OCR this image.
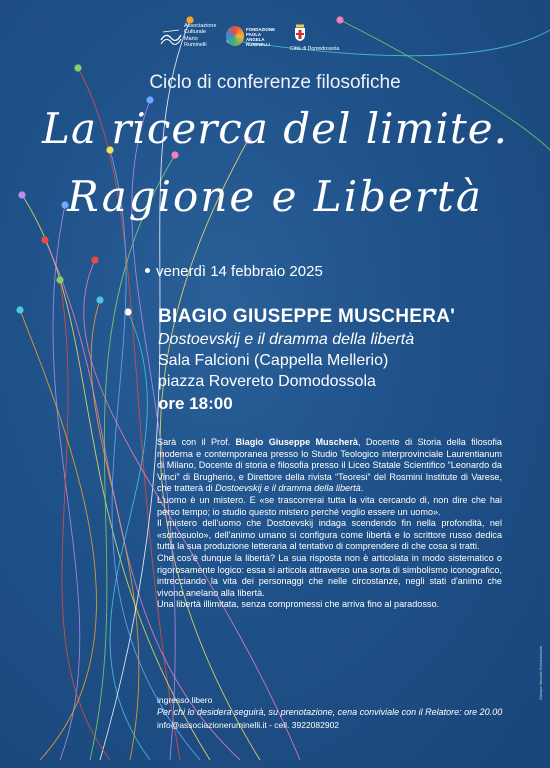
Associazione
Culturale
Mario
Ruminelli
FONDAZIONE
PAOLA
ANGELA
RUMINELLI
Città di Domodossola
Ciclo di conferenze filosofiche
La ricerca del limite.
Ragione e Libertà
venerdì 14 febbraio 2025
BIAGIO GIUSEPPE MUSCHERA'
Dostoevskij e il dramma della libertà
Sala Falcioni (Cappella Mellerio)
piazza Rovereto Domodossola
ore 18:00

Sarà con il Prof. Biagio Giuseppe Muscherà, Docente di Storia della filosofia moderna e contemporanea presso lo Studio Teologico interprovinciale Laurentianum di Milano, Docente di storia e filosofia presso il Liceo Statale Scientifico “Leonardo da Vinci” di Brugherio, e Direttore della rivista “Teoresi” del Rosmini Institute di Varese, che tratterà di Dostoevskij e il dramma della libertà.

L'uomo è un mistero. E «se trascorrerai tutta la vita cercando di, non dire che hai perso tempo; io studio questo mistero perché voglio essere un uomo».

Il mistero dell'uomo che Dostoevskij indaga scendendo fin nella profondità, nel «sottosuolo», dell'animo umano si configura come libertà e lo scrittore russo dedica tutta la sua produzione letteraria al tentativo di comprendere di che cosa si tratti.

Che cos'è dunque la libertà? La sua risposta non è articolata in modo sistematico o rigorosamente logico: essa si articola attraverso una sorta di simbolismo iconografico, intrecciando la vita dei personaggi che nelle circostanze, negli stati d'animo che vivono anelano alla libertà.

Una libertà illimitata, senza compromessi che arriva fino al paradosso.

ingresso libero
Per chi lo desidera seguirà, su prenotazione, cena conviviale con il Relatore: ore 20.00
info@associazioneruminelli.it - cell. 3922082902
Stampa Mazzali Domodossola
